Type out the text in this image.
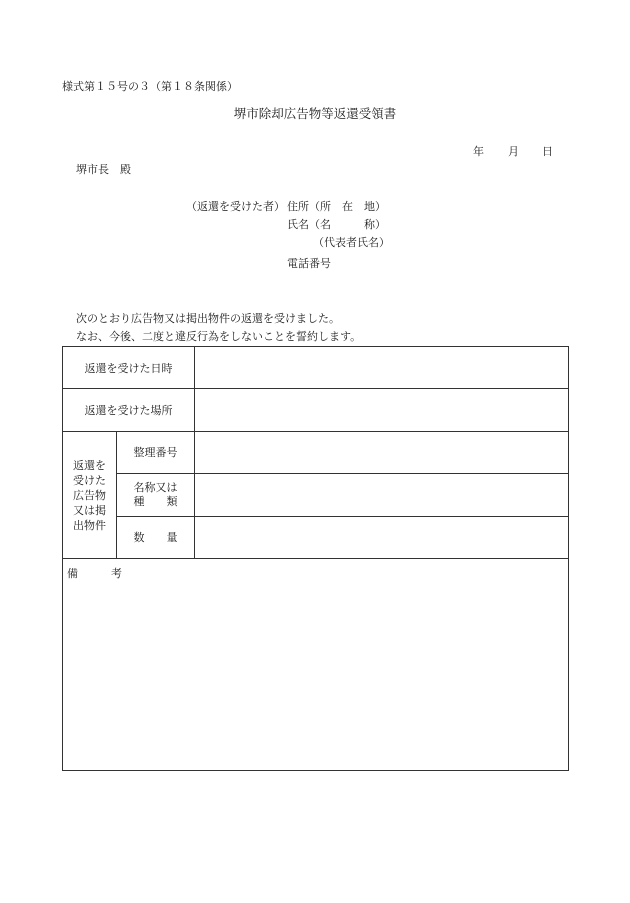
様式第１５号の３（第１８条関係）
堺市除却広告物等返還受領書
年 月 日
堺市長　殿
（返還を受けた者） 住所（所　在　地）
氏名（名　　　称）
（代表者氏名）
電話番号
次のとおり広告物又は掲出物件の返還を受けました。
なお、今後、二度と違反行為をしないことを誓約します。
返還を受けた日時		
返還を受けた場所		
返還を
受けた
広告物
又は掲
出物件	整理番号	
	名称又は
種　　類	
	数　　量	

備　　　考		
